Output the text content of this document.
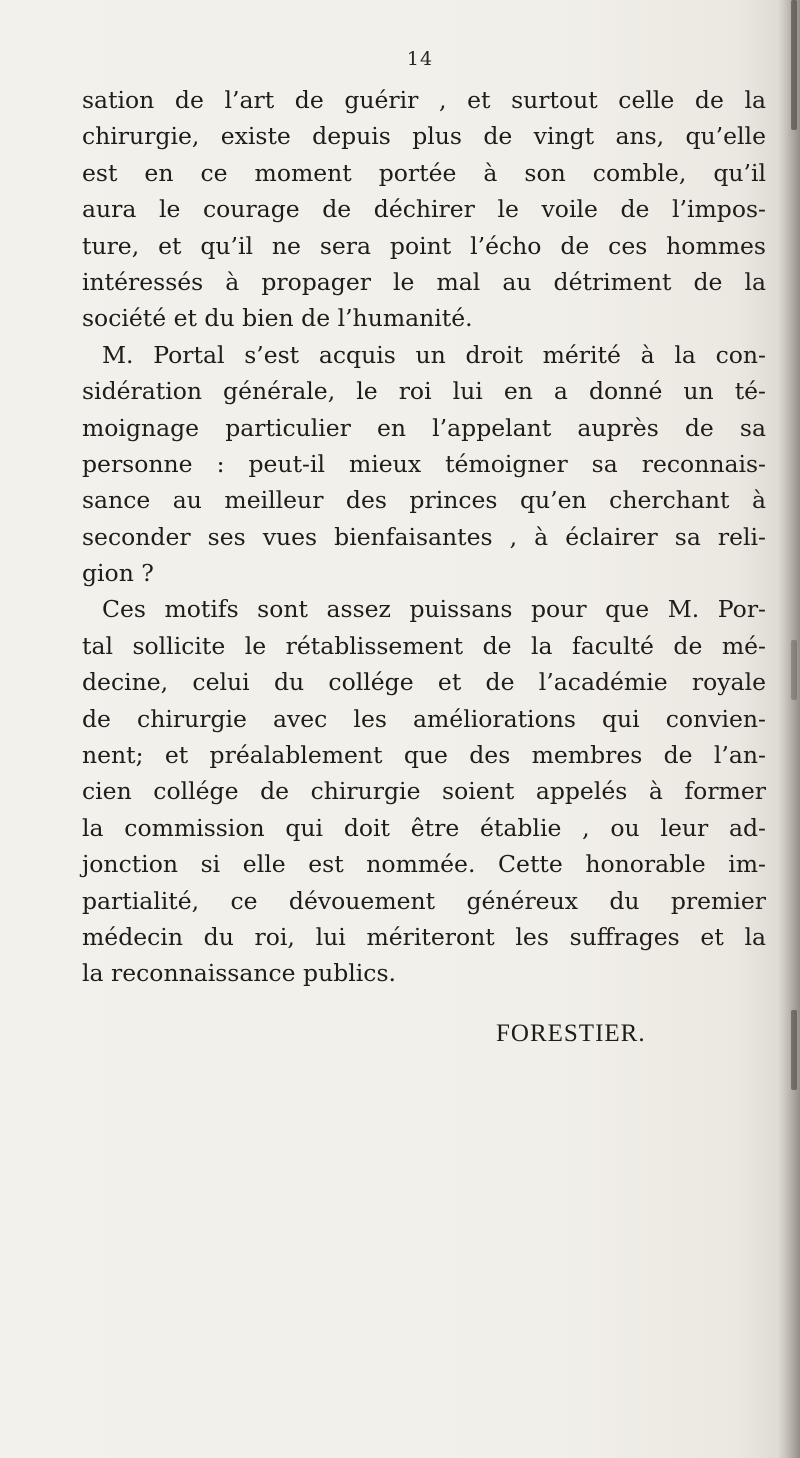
14
sation de l’art de guérir , et surtout celle de la
chirurgie, existe depuis plus de vingt ans, qu’elle
est en ce moment portée à son comble, qu’il
aura le courage de déchirer le voile de l’impos-
ture, et qu’il ne sera point l’écho de ces hommes
intéressés à propager le mal au détriment de la
société et du bien de l’humanité.
M. Portal s’est acquis un droit mérité à la con-
sidération générale, le roi lui en a donné un té-
moignage particulier en l’appelant auprès de sa
personne : peut-il mieux témoigner sa reconnais-
sance au meilleur des princes qu’en cherchant à
seconder ses vues bienfaisantes , à éclairer sa reli-
gion ?
Ces motifs sont assez puissans pour que M. Por-
tal sollicite le rétablissement de la faculté de mé-
decine, celui du collége et de l’académie royale
de chirurgie avec les améliorations qui convien-
nent; et préalablement que des membres de l’an-
cien collége de chirurgie soient appelés à former
la commission qui doit être établie , ou leur ad-
jonction si elle est nommée. Cette honorable im-
partialité, ce dévouement généreux du premier
médecin du roi, lui mériteront les suffrages et la
la reconnaissance publics.
FORESTIER.
